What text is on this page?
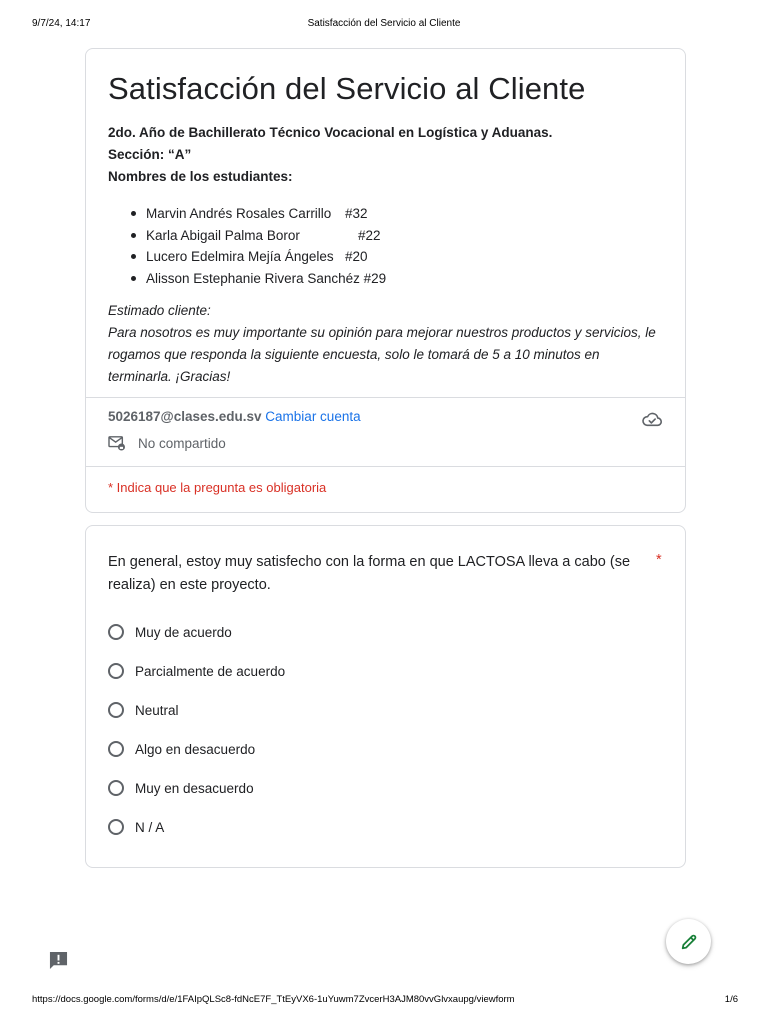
9/7/24, 14:17	Satisfacción del Servicio al Cliente
Satisfacción del Servicio al Cliente
2do. Año de Bachillerato Técnico Vocacional en Logística y Aduanas.
Sección: “A”
Nombres de los estudiantes:
Marvin Andrés Rosales Carrillo #32
Karla Abigail Palma Boror	#22
Lucero Edelmira Mejía Ángeles #20
Alisson Estephanie Rivera Sanchéz #29
Estimado cliente:
Para nosotros es muy importante su opinión para mejorar nuestros productos y servicios, le
rogamos que responda la siguiente encuesta, solo le tomará de 5 a 10 minutos en
terminarla. ¡Gracias!
5026187@clases.edu.sv Cambiar cuenta
No compartido
* Indica que la pregunta es obligatoria
En general, estoy muy satisfecho con la forma en que LACTOSA lleva a cabo (se
realiza) en este proyecto.
*
Muy de acuerdo
Parcialmente de acuerdo
Neutral
Algo en desacuerdo
Muy en desacuerdo
N / A
https://docs.google.com/forms/d/e/1FAIpQLSc8-fdNcE7F_TtEyVX6-1uYuwm7ZvcerH3AJM80vvGlvxaupg/viewform	1/6
